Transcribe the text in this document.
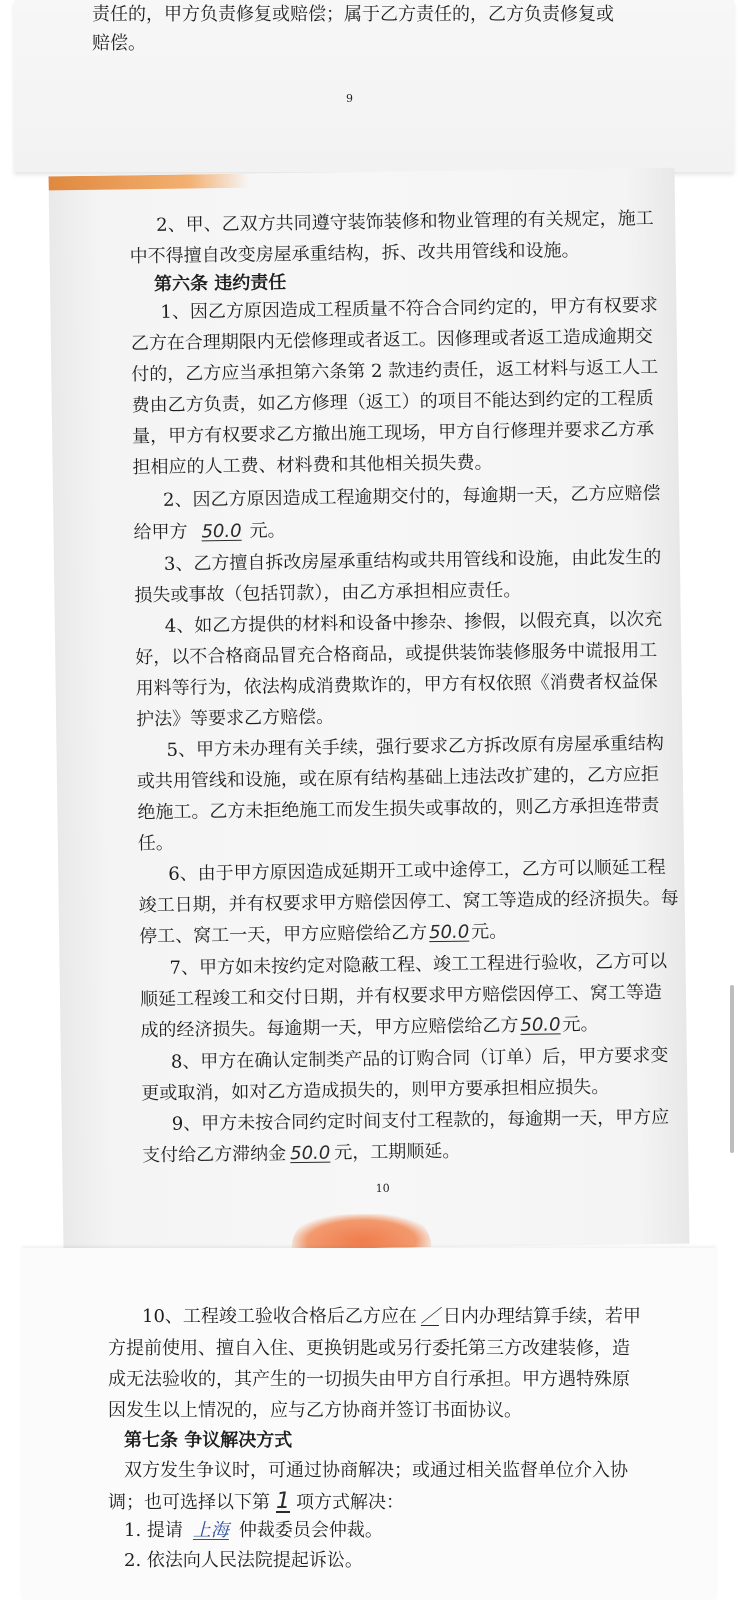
责任的，甲方负责修复或赔偿；属于乙方责任的，乙方负责修复或
赔偿。
9
2、甲、乙双方共同遵守装饰装修和物业管理的有关规定，施工
中不得擅自改变房屋承重结构，拆、改共用管线和设施。
第六条 违约责任
1、因乙方原因造成工程质量不符合合同约定的，甲方有权要求
乙方在合理期限内无偿修理或者返工。因修理或者返工造成逾期交
付的，乙方应当承担第六条第 2 款违约责任，返工材料与返工人工
费由乙方负责，如乙方修理（返工）的项目不能达到约定的工程质
量，甲方有权要求乙方撤出施工现场，甲方自行修理并要求乙方承
担相应的人工费、材料费和其他相关损失费。
2、因乙方原因造成工程逾期交付的，每逾期一天，乙方应赔偿
给甲方 50.0 元。
3、乙方擅自拆改房屋承重结构或共用管线和设施，由此发生的
损失或事故（包括罚款），由乙方承担相应责任。
4、如乙方提供的材料和设备中掺杂、掺假，以假充真，以次充
好，以不合格商品冒充合格商品，或提供装饰装修服务中谎报用工
用料等行为，依法构成消费欺诈的，甲方有权依照《消费者权益保
护法》等要求乙方赔偿。
5、甲方未办理有关手续，强行要求乙方拆改原有房屋承重结构
或共用管线和设施，或在原有结构基础上违法改扩建的，乙方应拒
绝施工。乙方未拒绝施工而发生损失或事故的，则乙方承担连带责
任。
6、由于甲方原因造成延期开工或中途停工，乙方可以顺延工程
竣工日期，并有权要求甲方赔偿因停工、窝工等造成的经济损失。每
停工、窝工一天，甲方应赔偿给乙方50.0元。
7、甲方如未按约定对隐蔽工程、竣工工程进行验收，乙方可以
顺延工程竣工和交付日期，并有权要求甲方赔偿因停工、窝工等造
成的经济损失。每逾期一天，甲方应赔偿给乙方50.0元。
8、甲方在确认定制类产品的订购合同（订单）后，甲方要求变
更或取消，如对乙方造成损失的，则甲方要承担相应损失。
9、甲方未按合同约定时间支付工程款的，每逾期一天，甲方应
支付给乙方滞纳金 50.0 元，工期顺延。
10
10、工程竣工验收合格后乙方应在 ／ 日内办理结算手续，若甲
方提前使用、擅自入住、更换钥匙或另行委托第三方改建装修，造
成无法验收的，其产生的一切损失由甲方自行承担。甲方遇特殊原
因发生以上情况的，应与乙方协商并签订书面协议。
第七条 争议解决方式
双方发生争议时，可通过协商解决；或通过相关监督单位介入协
调；也可选择以下第 1 项方式解决：
1. 提请 上海 仲裁委员会仲裁。
2. 依法向人民法院提起诉讼。
